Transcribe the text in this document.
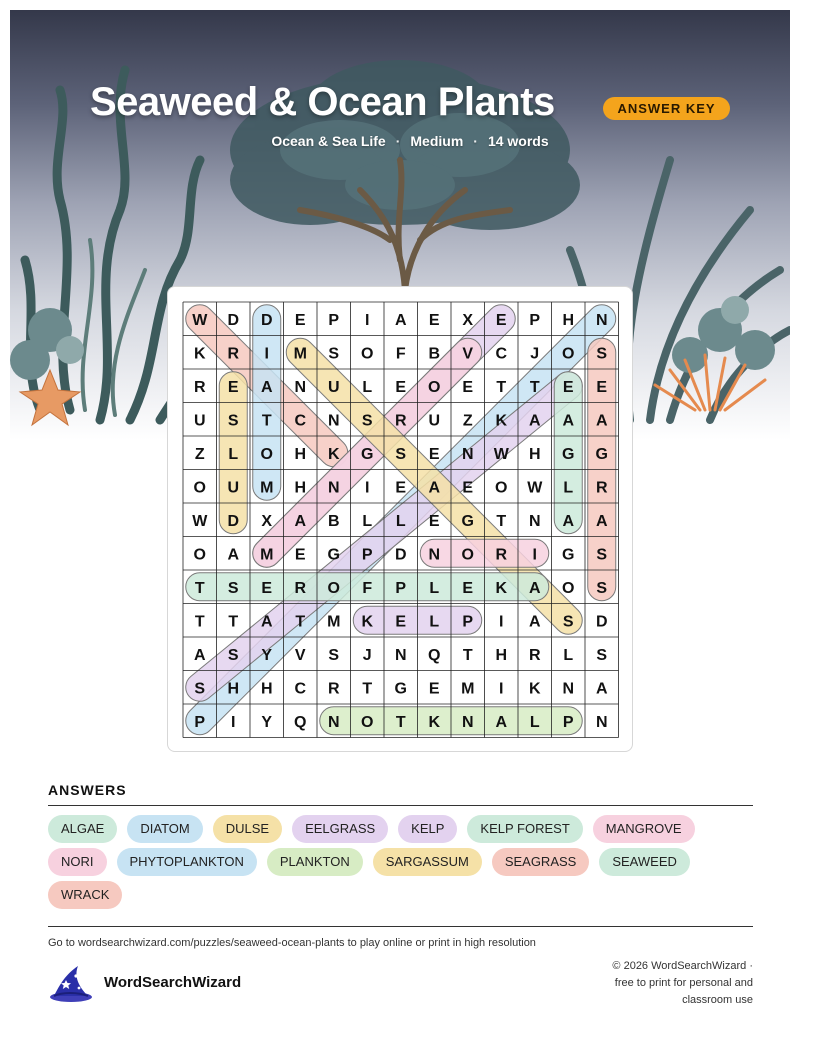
Seaweed & Ocean Plants	ANSWER KEY
Ocean & Sea Life · Medium · 14 words
W D D E P I A E X E P H N
K R I M S O F B V C J O S
R E A N U L E O E T T E E
U S T C N S R U Z K A A A
Z L O H K G S E N W H G G
O U M H N I E A E O W L R
W D X A B L L E G T N A A
O A M E G P D N O R I G S
T S E R O F P L E K A O S
T T A T M K E L P I A S D
A S Y V S J N Q T H R L S
S H H C R T G E M I K N A
P I Y Q N O T K N A L P N
ANSWERS
ALGAE	DIATOM	DULSE	EELGRASS	KELP	KELP FOREST	MANGROVE
NORI	PHYTOPLANKTON	PLANKTON	SARGASSUM	SEAGRASS	SEAWEED
WRACK
Go to wordsearchwizard.com/puzzles/seaweed-ocean-plants to play online or print in high resolution
WordSearchWizard
© 2026 WordSearchWizard ·
free to print for personal and
classroom use
